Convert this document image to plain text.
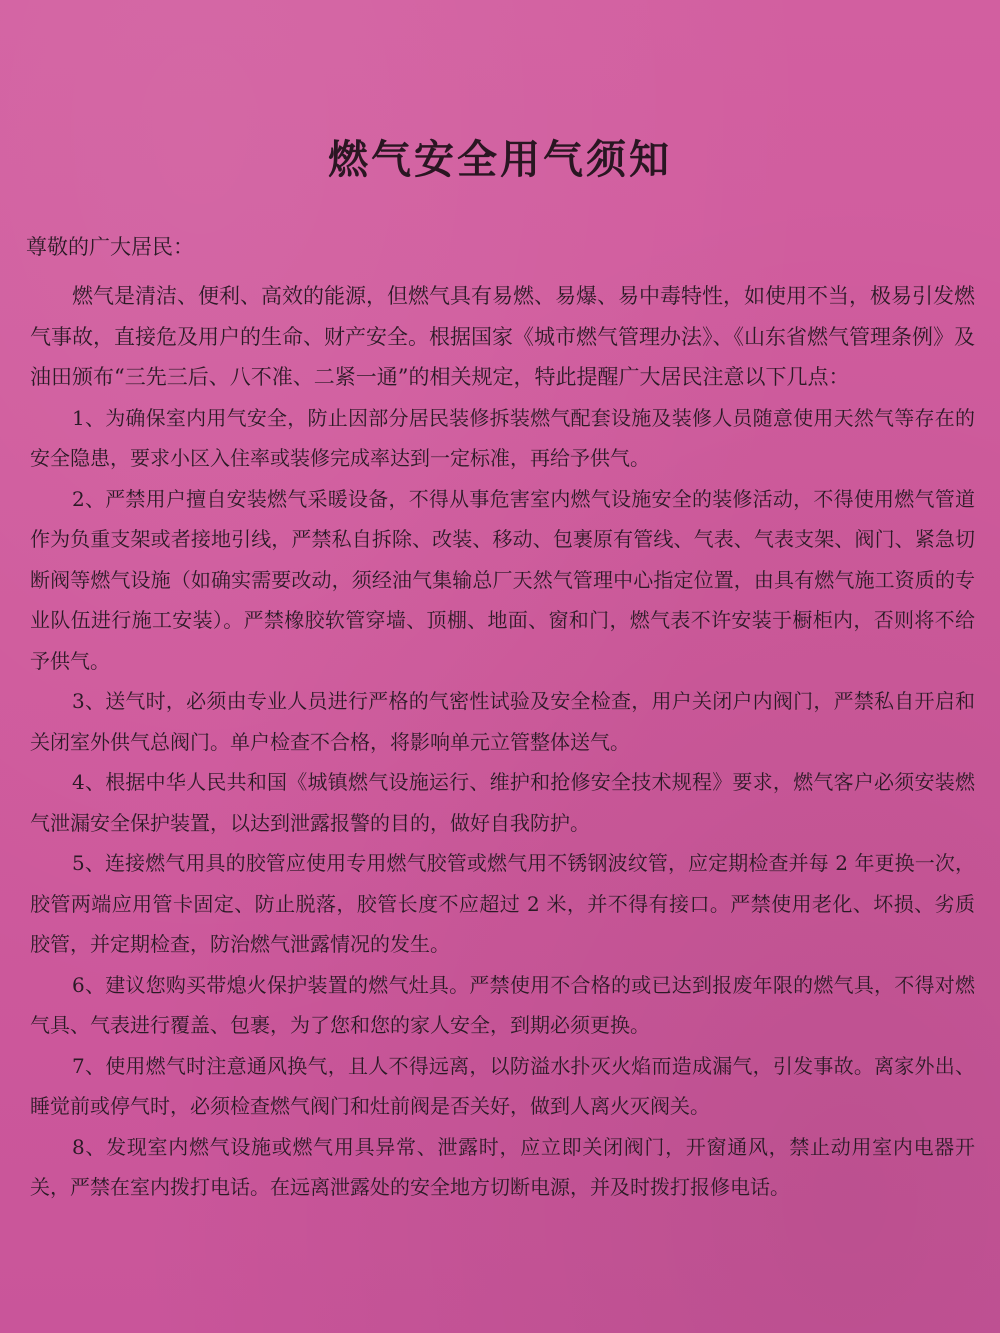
燃气安全用气须知

尊敬的广大居民：

燃气是清洁、便利、高效的能源，但燃气具有易燃、易爆、易中毒特性，如使用不当，极易引发燃气事故，直接危及用户的生命、财产安全。根据国家《城市燃气管理办法》、《山东省燃气管理条例》及油田颁布“三先三后、八不准、二紧一通”的相关规定，特此提醒广大居民注意以下几点：

1、为确保室内用气安全，防止因部分居民装修拆装燃气配套设施及装修人员随意使用天然气等存在的安全隐患，要求小区入住率或装修完成率达到一定标准，再给予供气。

2、严禁用户擅自安装燃气采暖设备，不得从事危害室内燃气设施安全的装修活动，不得使用燃气管道作为负重支架或者接地引线，严禁私自拆除、改装、移动、包裹原有管线、气表、气表支架、阀门、紧急切断阀等燃气设施（如确实需要改动，须经油气集输总厂天然气管理中心指定位置，由具有燃气施工资质的专业队伍进行施工安装）。严禁橡胶软管穿墙、顶棚、地面、窗和门，燃气表不许安装于橱柜内，否则将不给予供气。

3、送气时，必须由专业人员进行严格的气密性试验及安全检查，用户关闭户内阀门，严禁私自开启和关闭室外供气总阀门。单户检查不合格，将影响单元立管整体送气。

4、根据中华人民共和国《城镇燃气设施运行、维护和抢修安全技术规程》要求，燃气客户必须安装燃气泄漏安全保护装置，以达到泄露报警的目的，做好自我防护。

5、连接燃气用具的胶管应使用专用燃气胶管或燃气用不锈钢波纹管，应定期检查并每 2 年更换一次，胶管两端应用管卡固定、防止脱落，胶管长度不应超过 2 米，并不得有接口。严禁使用老化、坏损、劣质胶管，并定期检查，防治燃气泄露情况的发生。

6、建议您购买带熄火保护装置的燃气灶具。严禁使用不合格的或已达到报废年限的燃气具，不得对燃气具、气表进行覆盖、包裹，为了您和您的家人安全，到期必须更换。

7、使用燃气时注意通风换气，且人不得远离，以防溢水扑灭火焰而造成漏气，引发事故。离家外出、睡觉前或停气时，必须检查燃气阀门和灶前阀是否关好，做到人离火灭阀关。

8、发现室内燃气设施或燃气用具异常、泄露时，应立即关闭阀门，开窗通风，禁止动用室内电器开关，严禁在室内拨打电话。在远离泄露处的安全地方切断电源，并及时拨打报修电话。
